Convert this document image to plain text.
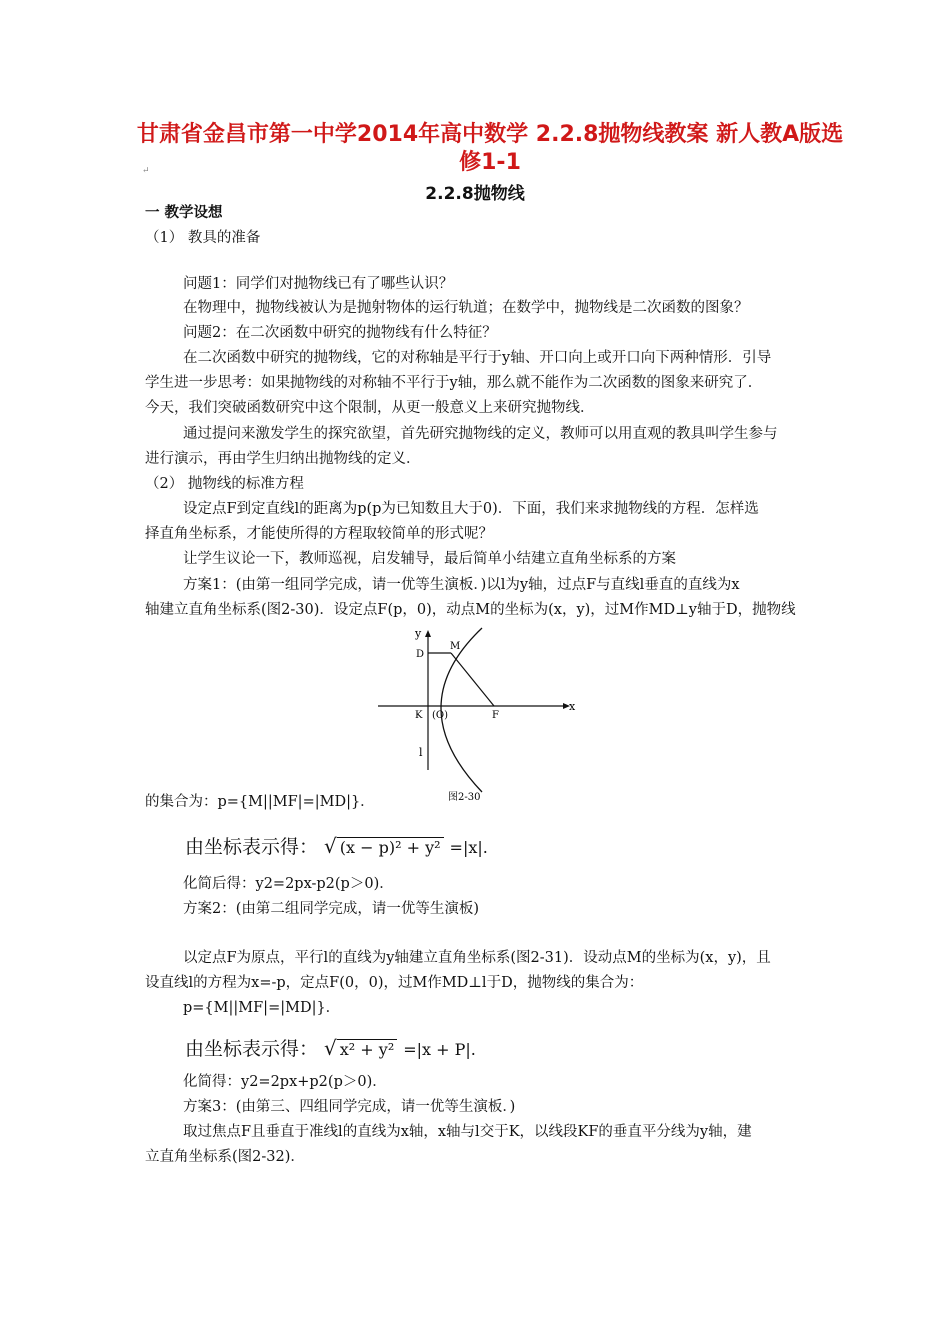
甘肃省金昌市第一中学2014年高中数学 2.2.8抛物线教案 新人教A版选
修1-1
↵
2.2.8抛物线
一 教学设想
（1） 教具的准备
问题1：同学们对抛物线已有了哪些认识？
在物理中，抛物线被认为是抛射物体的运行轨道；在数学中，抛物线是二次函数的图象？
问题2：在二次函数中研究的抛物线有什么特征？
在二次函数中研究的抛物线，它的对称轴是平行于y轴、开口向上或开口向下两种情形．引导
学生进一步思考：如果抛物线的对称轴不平行于y轴，那么就不能作为二次函数的图象来研究了．
今天，我们突破函数研究中这个限制，从更一般意义上来研究抛物线．
通过提问来激发学生的探究欲望，首先研究抛物线的定义，教师可以用直观的教具叫学生参与
进行演示，再由学生归纳出抛物线的定义．
（2） 抛物线的标准方程
设定点F到定直线l的距离为p(p为已知数且大于0)．下面，我们来求抛物线的方程．怎样选
择直角坐标系，才能使所得的方程取较简单的形式呢？
让学生议论一下，教师巡视，启发辅导，最后简单小结建立直角坐标系的方案
方案1：(由第一组同学完成，请一优等生演板．)以l为y轴，过点F与直线l垂直的直线为x
轴建立直角坐标系(图2-30)．设定点F(p，0)，动点M的坐标为(x，y)，过M作MD⊥y轴于D，抛物线
y
x
M
D
K (O)	F
l
图2-30
的集合为：p={M||MF|=|MD|}．
由坐标表示得： √ (x − p)² + y² =|x|.
化简后得：y2=2px-p2(p＞0)．
方案2：(由第二组同学完成，请一优等生演板)
以定点F为原点，平行l的直线为y轴建立直角坐标系(图2-31)．设动点M的坐标为(x，y)，且
设直线l的方程为x=-p，定点F(0，0)，过M作MD⊥l于D，抛物线的集合为：
p={M||MF|=|MD|}．
由坐标表示得： √ x² + y² =|x + P|.
化简得：y2=2px+p2(p＞0)．
方案3：(由第三、四组同学完成，请一优等生演板．)
取过焦点F且垂直于准线l的直线为x轴，x轴与l交于K，以线段KF的垂直平分线为y轴，建
立直角坐标系(图2-32)．
